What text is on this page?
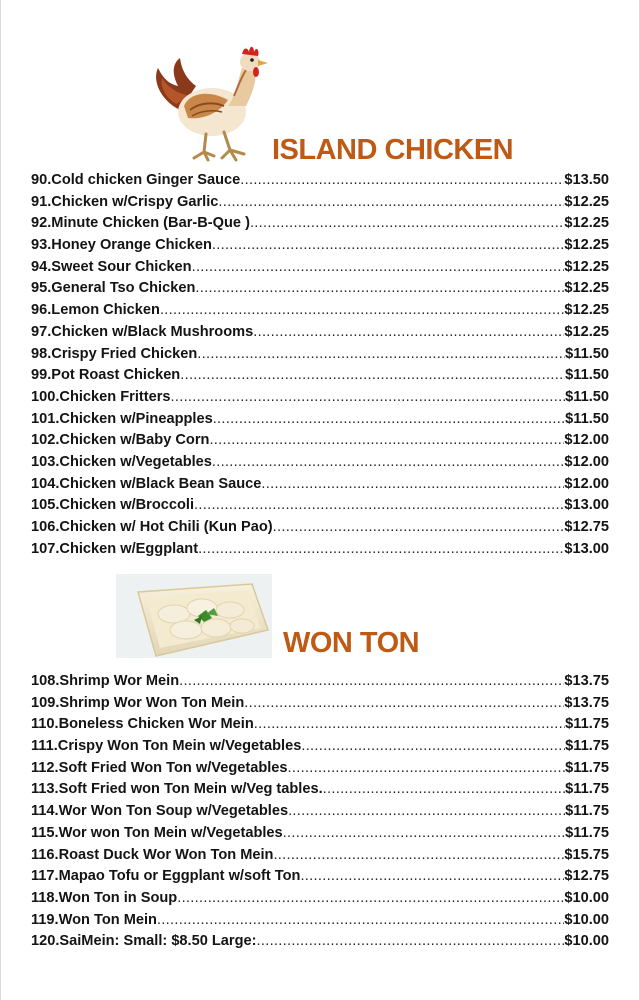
ISLAND CHICKEN
90.Cold chicken Ginger Sauce .....	$13.50
91.Chicken w/Crispy Garlic .....	$12.25
92.Minute Chicken (Bar-B-Que ) .....	$12.25
93.Honey Orange Chicken .....	$12.25
94.Sweet Sour Chicken .....	$12.25
95.General Tso Chicken .....	$12.25
96.Lemon Chicken .....	$12.25
97.Chicken w/Black Mushrooms .....	$12.25
98.Crispy Fried Chicken .....	$11.50
99.Pot Roast Chicken .....	$11.50
100.Chicken Fritters .....	$11.50
101.Chicken w/Pineapples .....	$11.50
102.Chicken w/Baby Corn .....	$12.00
103.Chicken w/Vegetables .....	$12.00
104.Chicken w/Black Bean Sauce .....	$12.00
105.Chicken w/Broccoli .....	$13.00
106.Chicken w/ Hot Chili (Kun Pao) .....	$12.75
107.Chicken w/Eggplant .....	$13.00
WON TON
108.Shrimp Wor Mein .....	$13.75
109.Shrimp Wor Won Ton Mein .....	$13.75
110.Boneless Chicken Wor Mein .....	$11.75
111.Crispy Won Ton Mein w/Vegetables .....	$11.75
112.Soft Fried Won Ton w/Vegetables .....	$11.75
113.Soft Fried won Ton Mein w/Veg tables. .....	$11.75
114.Wor Won Ton Soup w/Vegetables .....	$11.75
115.Wor won Ton Mein w/Vegetables .....	$11.75
116.Roast Duck Wor Won Ton Mein .....	$15.75
117.Mapao Tofu or Eggplant w/soft Ton .....	$12.75
118.Won Ton in Soup .....	$10.00
119.Won Ton Mein .....	$10.00
120.SaiMein: Small: $8.50 Large: .....	$10.00
